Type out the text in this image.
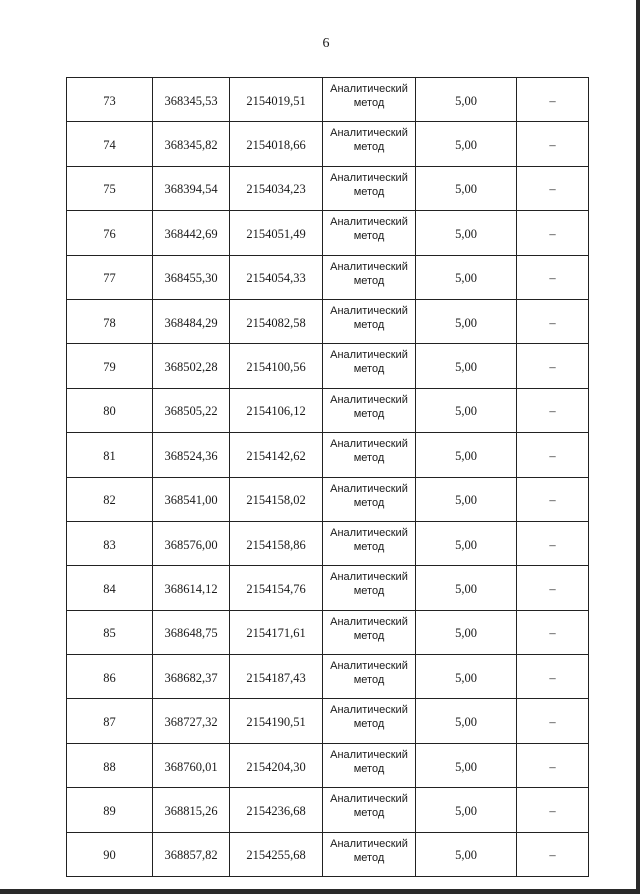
6
73	368345,53	2154019,51	Аналитический метод	5,00	–
74	368345,82	2154018,66	Аналитический метод	5,00	–
75	368394,54	2154034,23	Аналитический метод	5,00	–
76	368442,69	2154051,49	Аналитический метод	5,00	–
77	368455,30	2154054,33	Аналитический метод	5,00	–
78	368484,29	2154082,58	Аналитический метод	5,00	–
79	368502,28	2154100,56	Аналитический метод	5,00	–
80	368505,22	2154106,12	Аналитический метод	5,00	–
81	368524,36	2154142,62	Аналитический метод	5,00	–
82	368541,00	2154158,02	Аналитический метод	5,00	–
83	368576,00	2154158,86	Аналитический метод	5,00	–
84	368614,12	2154154,76	Аналитический метод	5,00	–
85	368648,75	2154171,61	Аналитический метод	5,00	–
86	368682,37	2154187,43	Аналитический метод	5,00	–
87	368727,32	2154190,51	Аналитический метод	5,00	–
88	368760,01	2154204,30	Аналитический метод	5,00	–
89	368815,26	2154236,68	Аналитический метод	5,00	–
90	368857,82	2154255,68	Аналитический метод	5,00	–
